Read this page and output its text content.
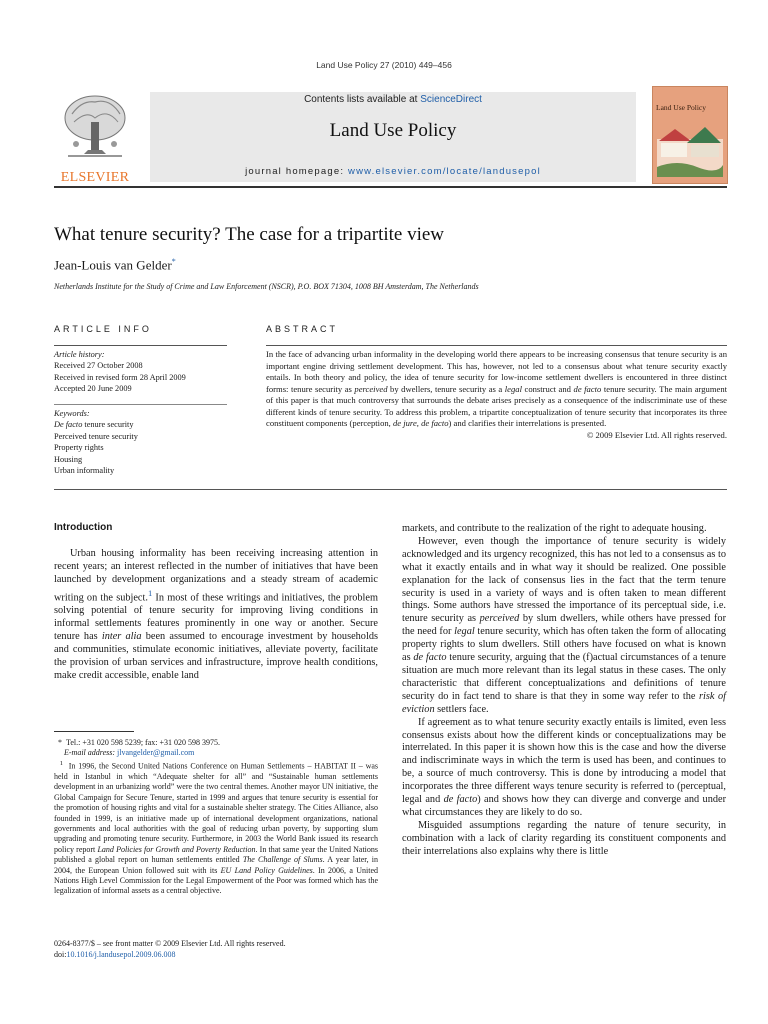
Land Use Policy 27 (2010) 449–456
ELSEVIER
Contents lists available at ScienceDirect
Land Use Policy
journal homepage: www.elsevier.com/locate/landusepol
Land Use Policy
What tenure security? The case for a tripartite view
Jean-Louis van Gelder*
Netherlands Institute for the Study of Crime and Law Enforcement (NSCR), P.O. BOX 71304, 1008 BH Amsterdam, The Netherlands
ARTICLE INFO	ABSTRACT
Article history:
Received 27 October 2008
Received in revised form 28 April 2009
Accepted 20 June 2009
Keywords:
De facto tenure security
Perceived tenure security
Property rights
Housing
Urban informality
In the face of advancing urban informality in the developing world there appears to be increasing consensus that tenure security is an important engine driving settlement development. This has, however, not led to a consensus about what tenure security exactly entails. In both theory and policy, the idea of tenure security for low-income settlement dwellers is encountered in three distinct forms: tenure security as perceived by dwellers, tenure security as a legal construct and de facto tenure security. The main argument of this paper is that much controversy that surrounds the debate arises precisely as a consequence of the indiscriminate use of these different kinds of tenure security. To address this problem, a tripartite conceptualization of tenure security that incorporates its three constituent components (perception, de jure, de facto) and clarifies their interrelations is presented.
© 2009 Elsevier Ltd. All rights reserved.
Introduction

Urban housing informality has been receiving increasing attention in recent years; an interest reflected in the number of initiatives that have been launched by development organizations and a steady stream of academic writing on the subject.$^1$ In most of these writings and initiatives, the problem solving potential of tenure security for improving living conditions in informal settlements features prominently in one way or another. Secure tenure has inter alia been assumed to encourage investment by households and communities, stimulate economic initiatives, alleviate poverty, facilitate the provision of urban services and infrastructure, improve health conditions, make credit accessible, enable land

* Tel.: +31 020 598 5239; fax: +31 020 598 3975.

E-mail address: jlvangelder@gmail.com

$^1$ In 1996, the Second United Nations Conference on Human Settlements – HABITAT II – was held in Istanbul in which “Adequate shelter for all” and “Sustainable human settlements development in an urbanizing world” were the two central themes. Another mayor UN initiative, the Global Campaign for Secure Tenure, started in 1999 and argues that tenure security is essential for the promotion of housing rights and vital for a sustainable shelter strategy. The Cities Alliance, also founded in 1999, is an initiative made up of international development organizations, national governments and local authorities with the goal of reducing urban poverty, by supporting slum upgrading and promoting tenure security. Furthermore, in 2003 the World Bank issued its research policy report Land Policies for Growth and Poverty Reduction. In that same year the United Nations published a global report on human settlements entitled The Challenge of Slums. A year later, in 2004, the European Union followed suit with its EU Land Policy Guidelines. In 2006, a United Nations High Level Commission for the Legal Empowerment of the Poor was formed which has the legalization of informal assets as a central objective.

markets, and contribute to the realization of the right to adequate housing.

However, even though the importance of tenure security is widely acknowledged and its urgency recognized, this has not led to a consensus as to what it exactly entails and in what way it should be realized. One possible explanation for the lack of consensus lies in the fact that the term tenure security is used in a variety of ways and is often taken to mean different things. Some authors have stressed the importance of its perceptual side, i.e. tenure security as perceived by slum dwellers, while others have pressed for the need for legal tenure security, which has often taken the form of allocating property rights to slum dwellers. Still others have focused on what is known as de facto tenure security, arguing that the (f)actual circumstances of a tenure situation are much more relevant than its legal status in these cases. The only characteristic that different conceptualizations and definitions of tenure security do in fact tend to share is that they in some way refer to the risk of eviction settlers face.

If agreement as to what tenure security exactly entails is limited, even less consensus exists about how the different kinds or conceptualizations may be interrelated. In this paper it is shown how this is the case and how the diverse and indiscriminate ways in which the term is used has been, and continues to be, a source of much controversy. This is done by introducing a model that incorporates the three different ways tenure security is referred to (perceptual, legal and de facto) and shows how they can diverge and converge and under what circumstances they are likely to do so.

Misguided assumptions regarding the nature of tenure security, in combination with a lack of clarity regarding its constituent components and their interrelations also explains why there is little

0264-8377/$ – see front matter © 2009 Elsevier Ltd. All rights reserved.
doi:10.1016/j.landusepol.2009.06.008
